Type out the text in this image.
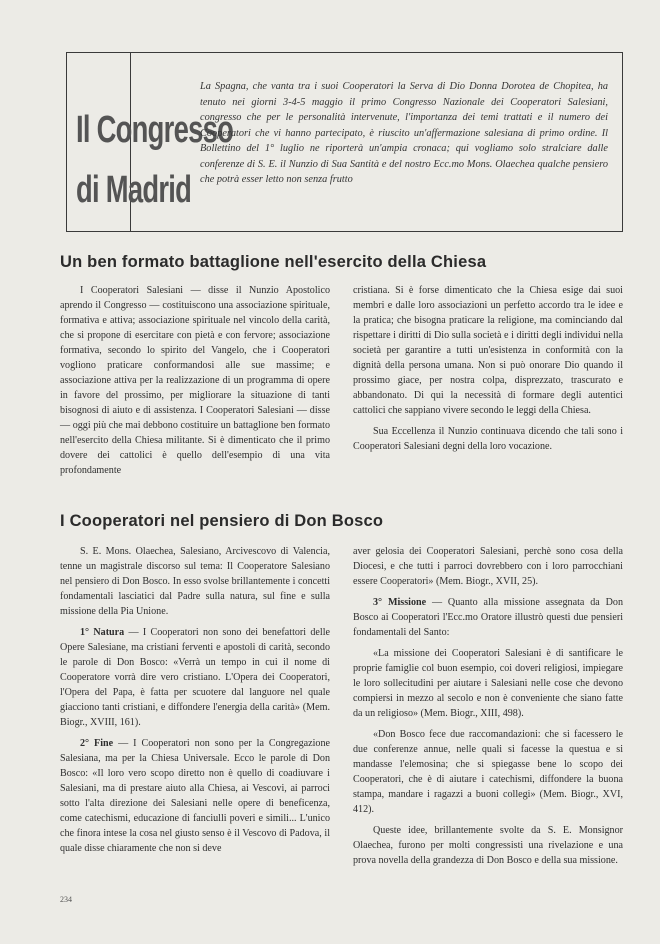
Il Congresso
di Madrid
La Spagna, che vanta tra i suoi Cooperatori la Serva di Dio Donna Dorotea de Chopitea, ha tenuto nei giorni 3-4-5 maggio il primo Congresso Nazionale dei Cooperatori Salesiani, congresso che per le personalità intervenute, l'importanza dei temi trattati e il numero dei Cooperatori che vi hanno partecipato, è riuscito un'affermazione salesiana di primo ordine. Il Bollettino del 1° luglio ne riporterà un'ampia cronaca; qui vogliamo solo stralciare dalle conferenze di S. E. il Nunzio di Sua Santità e del nostro Ecc.mo Mons. Olaechea qualche pensiero che potrà esser letto non senza frutto
Un ben formato battaglione nell'esercito della Chiesa

I Cooperatori Salesiani — disse il Nunzio Apostolico aprendo il Congresso — costituiscono una associazione spirituale, formativa e attiva; associazione spirituale nel vincolo della carità, che si propone di esercitare con pietà e con fervore; associazione formativa, secondo lo spirito del Vangelo, che i Cooperatori vogliono praticare conformandosi alle sue massime; e associazione attiva per la realizzazione di un programma di opere in favore del prossimo, per migliorare la situazione di tanti bisognosi di aiuto e di assistenza. I Cooperatori Salesiani — disse — oggi più che mai debbono costituire un battaglione ben formato nell'esercito della Chiesa militante. Si è dimenticato che il primo dovere dei cattolici è quello dell'esempio di una vita profondamente

cristiana. Si è forse dimenticato che la Chiesa esige dai suoi membri e dalle loro associazioni un perfetto accordo tra le idee e la pratica; che bisogna praticare la religione, ma cominciando dal rispettare i diritti di Dio sulla società e i diritti degli individui nella società per garantire a tutti un'esistenza in conformità con la dignità della persona umana. Non si può onorare Dio quando il prossimo giace, per nostra colpa, disprezzato, trascurato e abbandonato. Di qui la necessità di formare degli autentici cattolici che sappiano vivere secondo le leggi della Chiesa.

Sua Eccellenza il Nunzio continuava dicendo che tali sono i Cooperatori Salesiani degni della loro vocazione.

I Cooperatori nel pensiero di Don Bosco

S. E. Mons. Olaechea, Salesiano, Arcivescovo di Valencia, tenne un magistrale discorso sul tema: Il Cooperatore Salesiano nel pensiero di Don Bosco. In esso svolse brillantemente i concetti fondamentali lasciatici dal Padre sulla natura, sul fine e sulla missione della Pia Unione.

1° Natura — I Cooperatori non sono dei benefattori delle Opere Salesiane, ma cristiani ferventi e apostoli di carità, secondo le parole di Don Bosco: «Verrà un tempo in cui il nome di Cooperatore vorrà dire vero cristiano. L'Opera dei Cooperatori, l'Opera del Papa, è fatta per scuotere dal languore nel quale giacciono tanti cristiani, e diffondere l'energia della carità» (Mem. Biogr., XVIII, 161).

2° Fine — I Cooperatori non sono per la Congregazione Salesiana, ma per la Chiesa Universale. Ecco le parole di Don Bosco: «Il loro vero scopo diretto non è quello di coadiuvare i Salesiani, ma di prestare aiuto alla Chiesa, ai Vescovi, ai parroci sotto l'alta direzione dei Salesiani nelle opere di beneficenza, come catechismi, educazione di fanciulli poveri e simili... L'unico che finora intese la cosa nel giusto senso è il Vescovo di Padova, il quale disse chiaramente che non si deve

aver gelosia dei Cooperatori Salesiani, perchè sono cosa della Diocesi, e che tutti i parroci dovrebbero con i loro parrocchiani essere Cooperatori» (Mem. Biogr., XVII, 25).

3° Missione — Quanto alla missione assegnata da Don Bosco ai Cooperatori l'Ecc.mo Oratore illustrò questi due pensieri fondamentali del Santo:

«La missione dei Cooperatori Salesiani è di santificare le proprie famiglie col buon esempio, coi doveri religiosi, impiegare le loro sollecitudini per aiutare i Salesiani nelle cose che devono compiersi in mezzo al secolo e non è conveniente che siano fatte da un religioso» (Mem. Biogr., XIII, 498).

«Don Bosco fece due raccomandazioni: che si facessero le due conferenze annue, nelle quali si facesse la questua e si mandasse l'elemosina; che si spiegasse bene lo scopo dei Cooperatori, che è di aiutare i catechismi, diffondere la buona stampa, mandare i ragazzi a buoni collegi» (Mem. Biogr., XVI, 412).

Queste idee, brillantemente svolte da S. E. Monsignor Olaechea, furono per molti congressisti una rivelazione e una prova novella della grandezza di Don Bosco e della sua missione.

234
